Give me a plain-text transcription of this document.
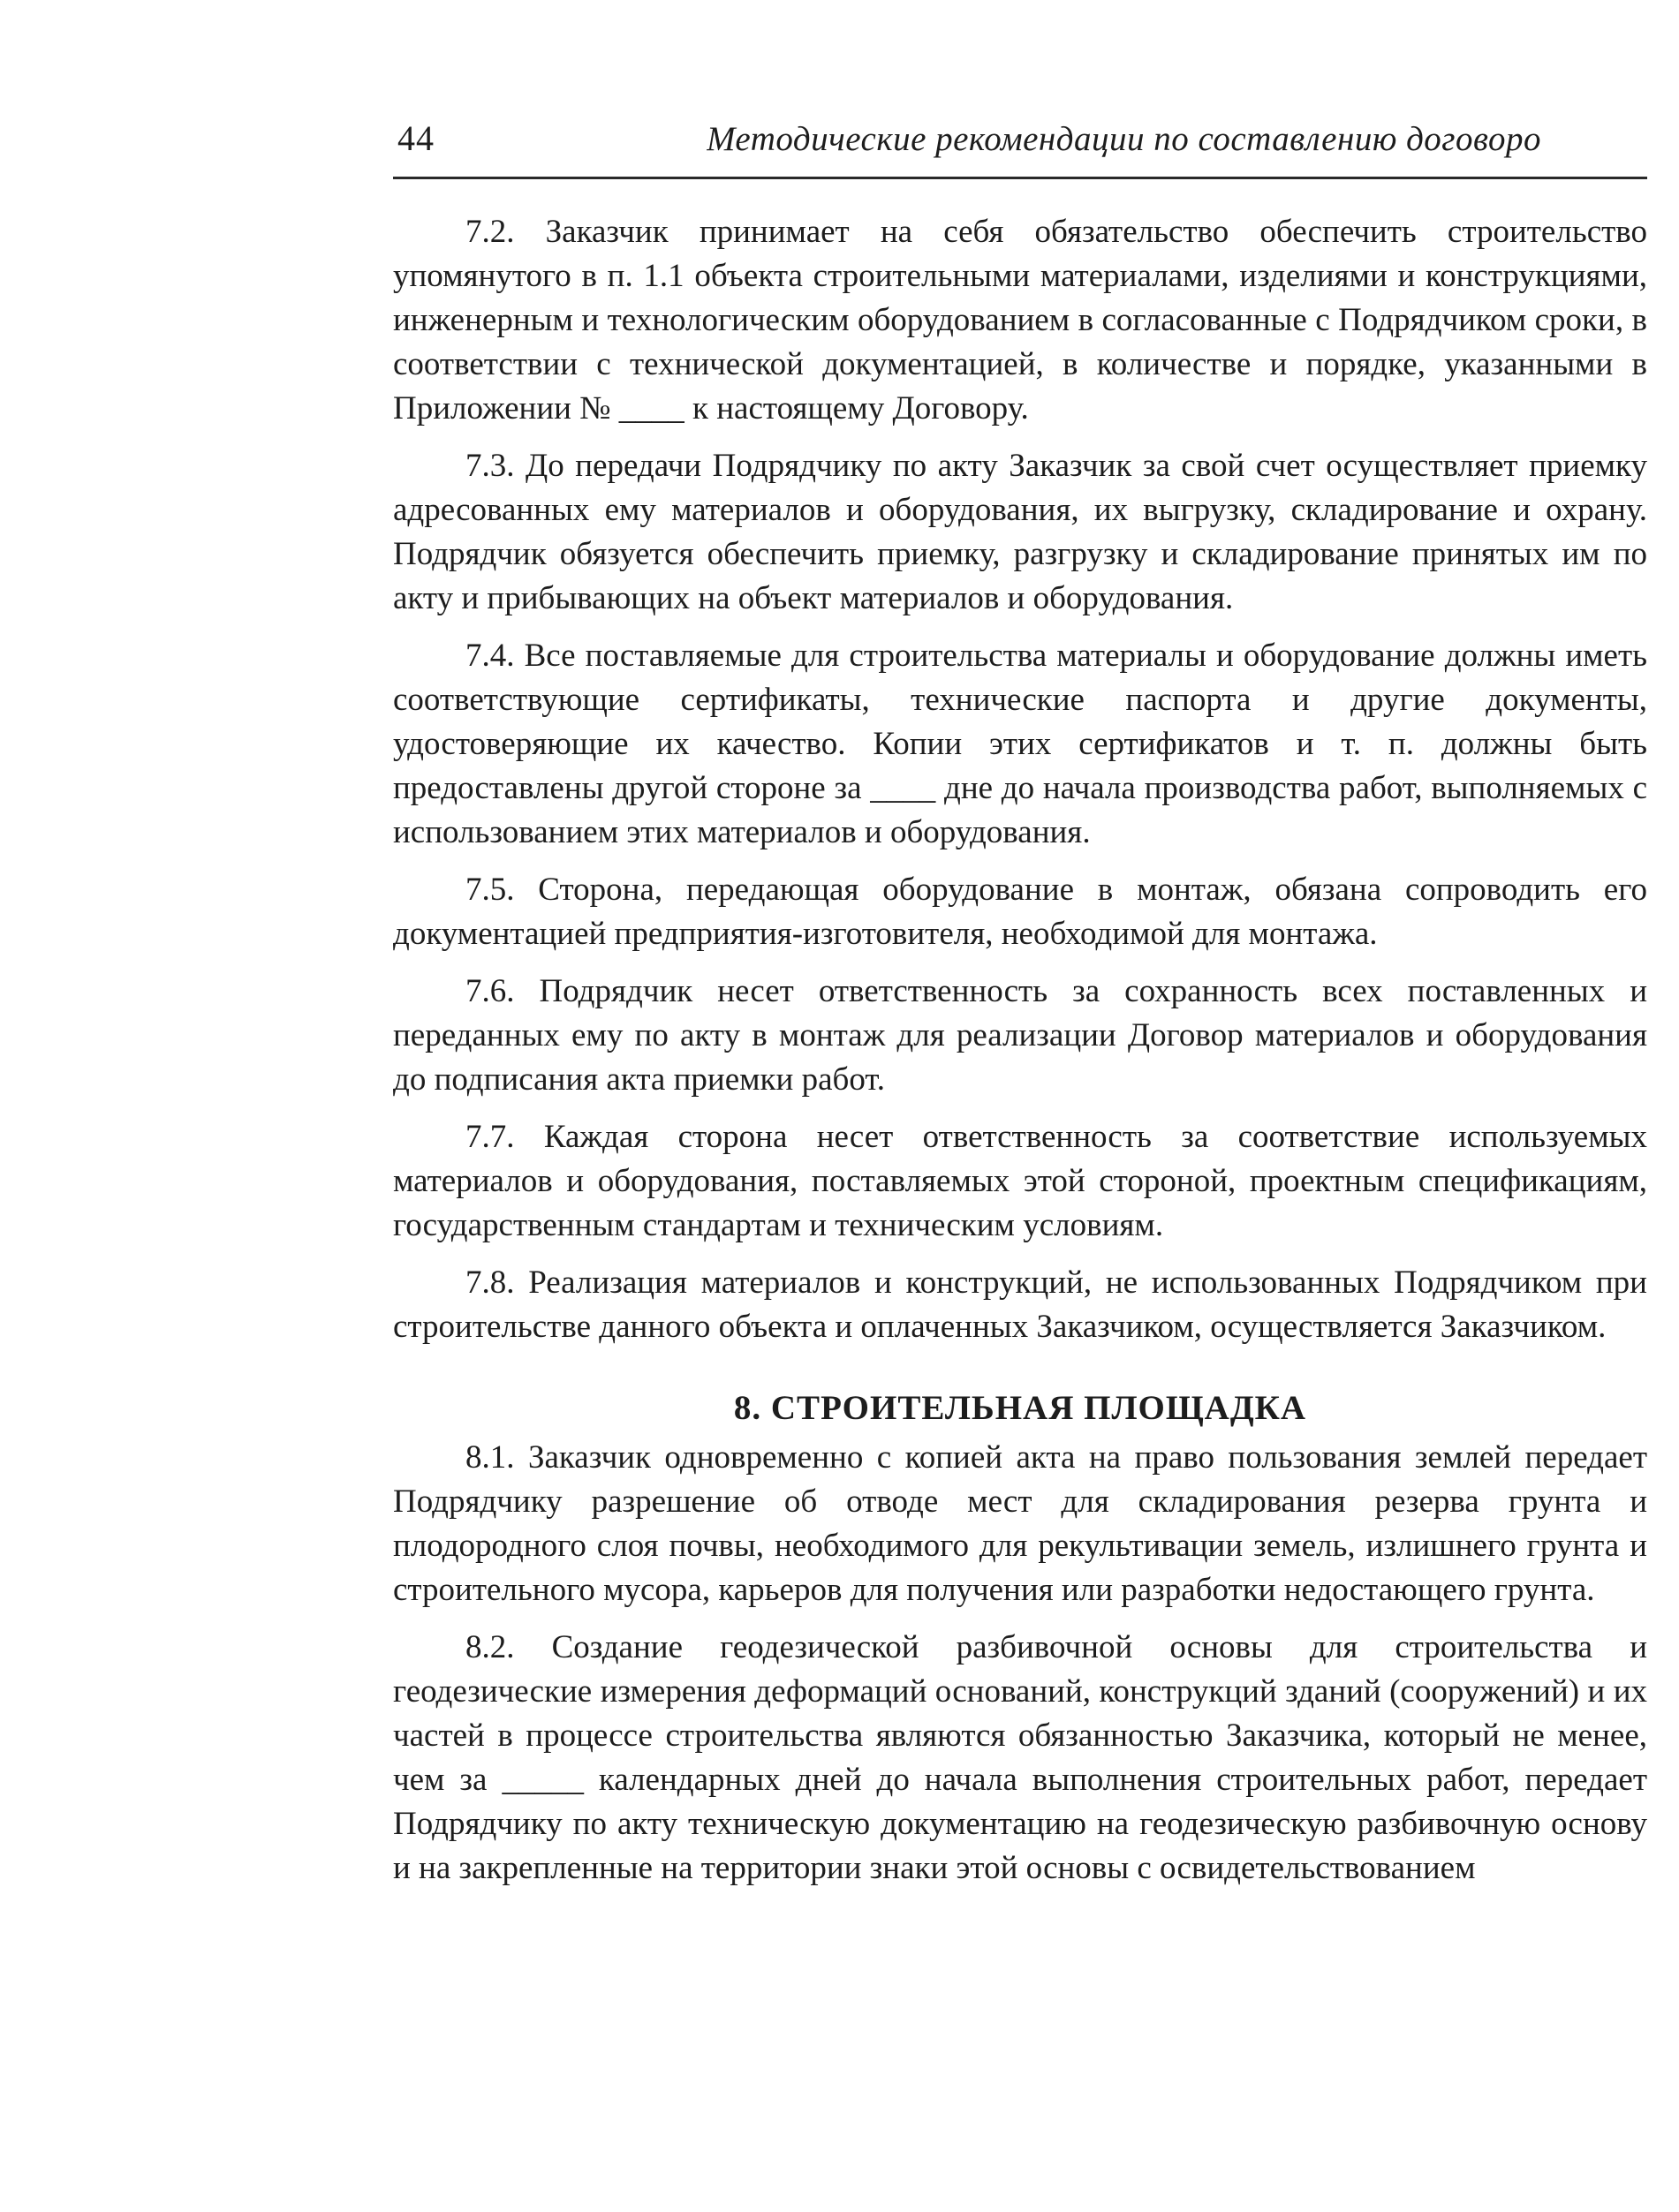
44	Методические рекомендации по составлению договоро

7.2. Заказчик принимает на себя обязательство обеспечить строительство упомянутого в п. 1.1 объекта строительными материалами, изделиями и конструкциями, инженерным и технологическим оборудованием в согласованные с Подрядчиком сроки, в соответствии с технической документацией, в количестве и порядке, указанными в Приложении № ____ к настоящему Договору.

7.3. До передачи Подрядчику по акту Заказчик за свой счет осуществляет приемку адресованных ему материалов и оборудования, их выгрузку, складирование и охрану. Подрядчик обязуется обеспечить приемку, разгрузку и складирование принятых им по акту и прибывающих на объект материалов и оборудования.

7.4. Все поставляемые для строительства материалы и оборудование должны иметь соответствующие сертификаты, технические паспорта и другие документы, удостоверяющие их качество. Копии этих сертификатов и т. п. должны быть предоставлены другой стороне за ____ дне до начала производства работ, выполняемых с использованием этих материалов и оборудования.

7.5. Сторона, передающая оборудование в монтаж, обязана сопроводить его документацией предприятия-изготовителя, необходимой для монтажа.

7.6. Подрядчик несет ответственность за сохранность всех поставленных и переданных ему по акту в монтаж для реализации Договор материалов и оборудования до подписания акта приемки работ.

7.7. Каждая сторона несет ответственность за соответствие используемых материалов и оборудования, поставляемых этой стороной, проектным спецификациям, государственным стандартам и техническим условиям.

7.8. Реализация материалов и конструкций, не использованных Подрядчиком при строительстве данного объекта и оплаченных Заказчиком, осуществляется Заказчиком.

8. СТРОИТЕЛЬНАЯ ПЛОЩАДКА

8.1. Заказчик одновременно с копией акта на право пользования землей передает Подрядчику разрешение об отводе мест для складирования резерва грунта и плодородного слоя почвы, необходимого для рекультивации земель, излишнего грунта и строительного мусора, карьеров для получения или разработки недостающего грунта.

8.2. Создание геодезической разбивочной основы для строительства и геодезические измерения деформаций оснований, конструкций зданий (сооружений) и их частей в процессе строительства являются обязанностью Заказчика, который не менее, чем за _____ календарных дней до начала выполнения строительных работ, передает Подрядчику по акту техническую документацию на геодезическую разбивочную основу и на закрепленные на территории знаки этой основы с освидетельствованием
